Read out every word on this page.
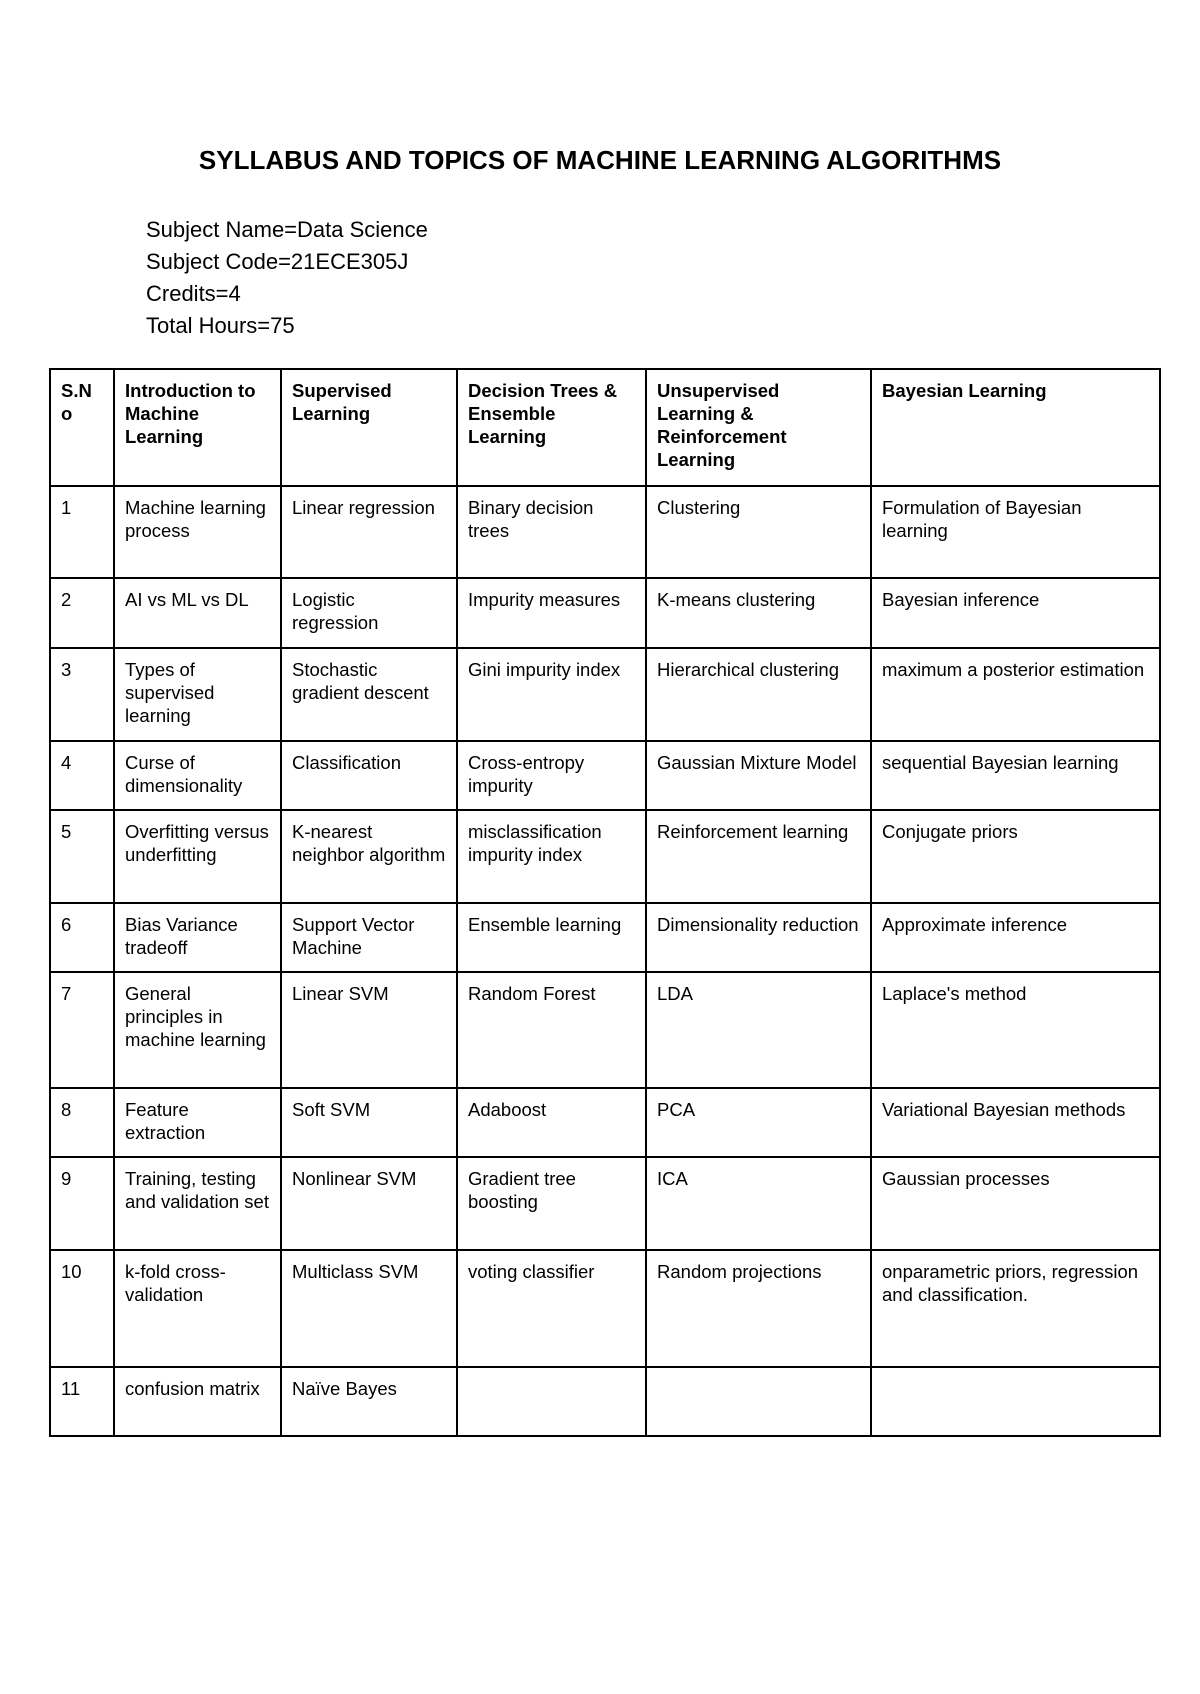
SYLLABUS AND TOPICS OF MACHINE LEARNING ALGORITHMS
Subject Name=Data Science
Subject Code=21ECE305J
Credits=4
Total Hours=75
S.N o	Introduction to Machine Learning	Supervised Learning	Decision Trees & Ensemble Learning	Unsupervised Learning & Reinforcement Learning	Bayesian Learning
1	Machine learning process	Linear regression	Binary decision trees	Clustering	Formulation of Bayesian learning
2	AI vs ML vs DL	Logistic regression	Impurity measures	K-means clustering	Bayesian inference
3	Types of supervised learning	Stochastic gradient descent	Gini impurity index	Hierarchical clustering	maximum a posterior estimation
4	Curse of dimensionality	Classification	Cross-entropy impurity	Gaussian Mixture Model	sequential Bayesian learning
5	Overfitting versus underfitting	K-nearest neighbor algorithm	misclassification impurity index	Reinforcement learning	Conjugate priors
6	Bias Variance tradeoff	Support Vector Machine	Ensemble learning	Dimensionality reduction	Approximate inference
7	General principles in machine learning	Linear SVM	Random Forest	LDA	Laplace's method
8	Feature extraction	Soft SVM	Adaboost	PCA	Variational Bayesian methods
9	Training, testing and validation set	Nonlinear SVM	Gradient tree boosting	ICA	Gaussian processes
10	k-fold cross-validation	Multiclass SVM	voting classifier	Random projections	onparametric priors, regression and classification.
11	confusion matrix	Naïve Bayes			
